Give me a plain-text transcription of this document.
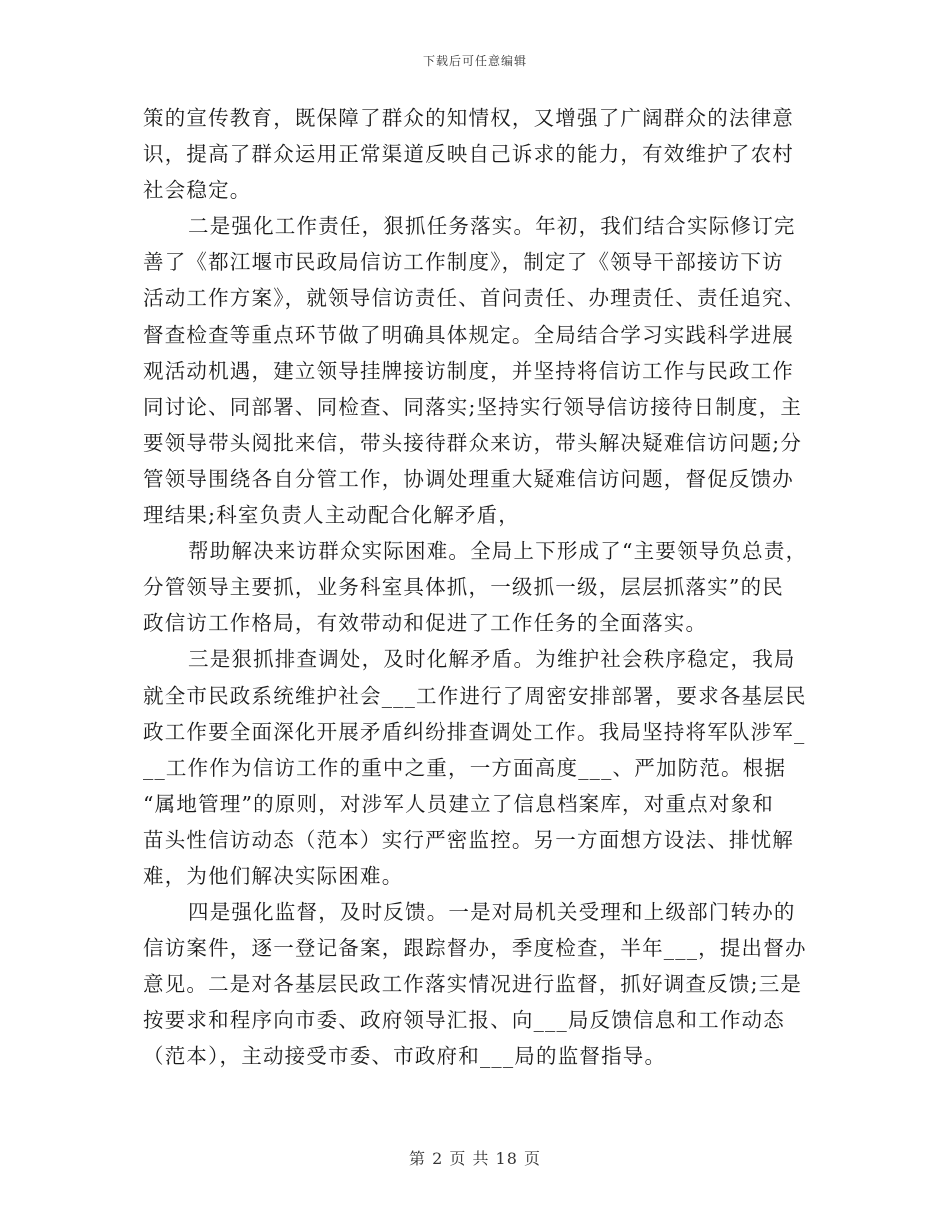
下载后可任意编辑
策的宣传教育，既保障了群众的知情权，又增强了广阔群众的法律意
识，提高了群众运用正常渠道反映自己诉求的能力，有效维护了农村
社会稳定。
二是强化工作责任，狠抓任务落实。年初，我们结合实际修订完
善了《都江堰市民政局信访工作制度》，制定了《领导干部接访下访
活动工作方案》，就领导信访责任、首问责任、办理责任、责任追究、
督查检查等重点环节做了明确具体规定。全局结合学习实践科学进展
观活动机遇，建立领导挂牌接访制度，并坚持将信访工作与民政工作
同讨论、同部署、同检查、同落实;坚持实行领导信访接待日制度，主
要领导带头阅批来信，带头接待群众来访，带头解决疑难信访问题;分
管领导围绕各自分管工作，协调处理重大疑难信访问题，督促反馈办
理结果;科室负责人主动配合化解矛盾，
帮助解决来访群众实际困难。全局上下形成了“主要领导负总责，
分管领导主要抓，业务科室具体抓，一级抓一级，层层抓落实”的民
政信访工作格局，有效带动和促进了工作任务的全面落实。
三是狠抓排查调处，及时化解矛盾。为维护社会秩序稳定，我局
就全市民政系统维护社会___工作进行了周密安排部署，要求各基层民
政工作要全面深化开展矛盾纠纷排查调处工作。我局坚持将军队涉军_
__工作作为信访工作的重中之重，一方面高度___、严加防范。根据
“属地管理”的原则，对涉军人员建立了信息档案库，对重点对象和
苗头性信访动态（范本）实行严密监控。另一方面想方设法、排忧解
难，为他们解决实际困难。
四是强化监督，及时反馈。一是对局机关受理和上级部门转办的
信访案件，逐一登记备案，跟踪督办，季度检查，半年___，提出督办
意见。二是对各基层民政工作落实情况进行监督，抓好调查反馈;三是
按要求和程序向市委、政府领导汇报、向___局反馈信息和工作动态
（范本），主动接受市委、市政府和___局的监督指导。
第 2 页 共 18 页
